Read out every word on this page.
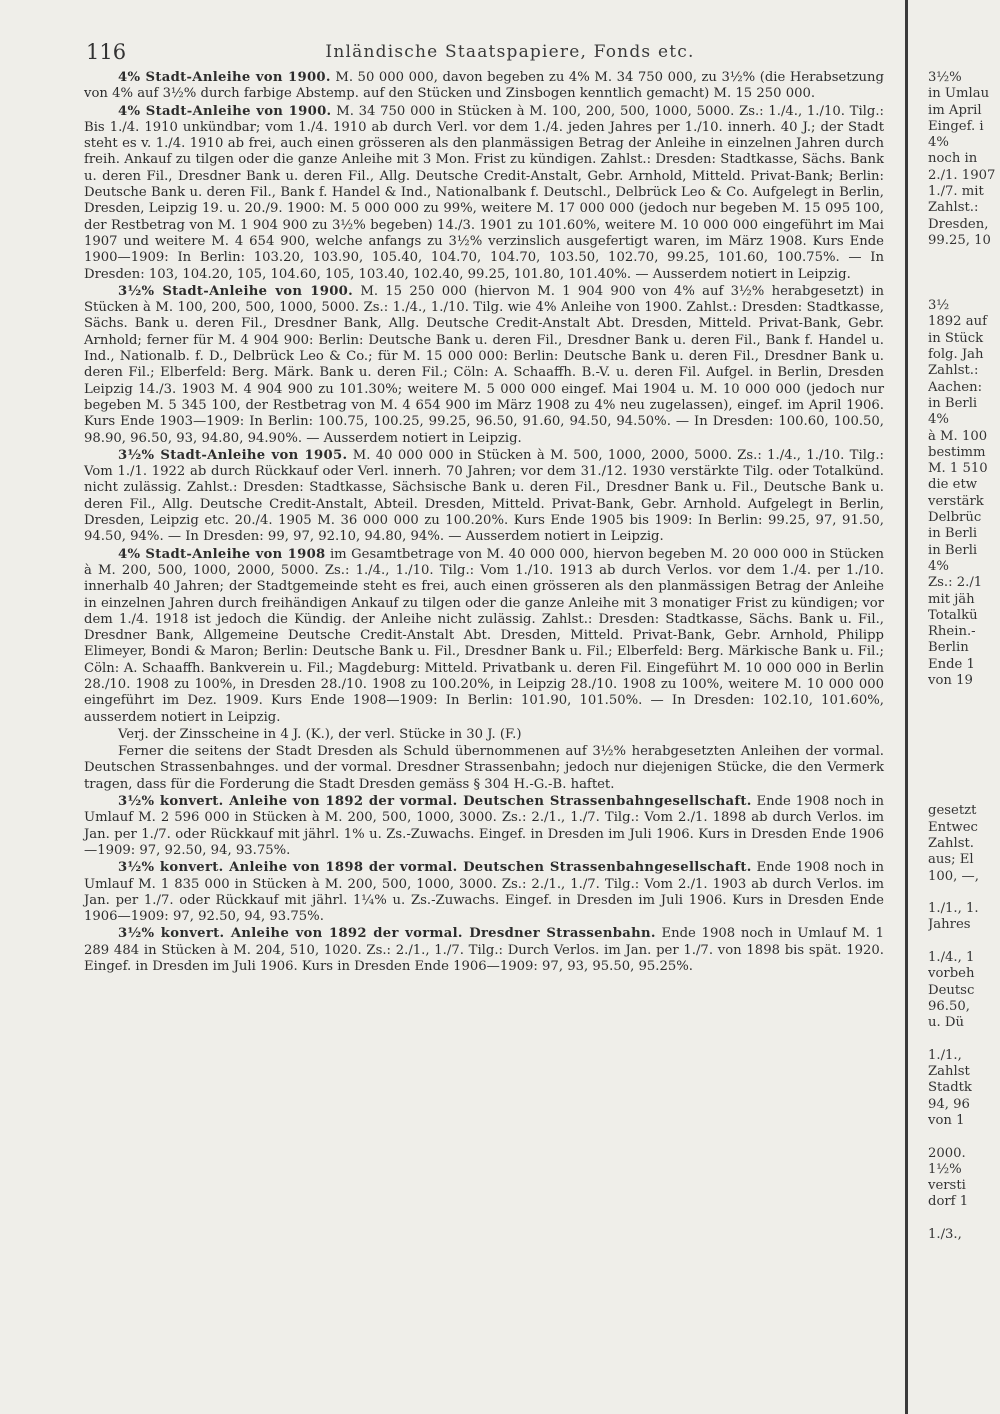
116	Inländische Staatspapiere, Fonds etc.

4% Stadt-Anleihe von 1900. M. 50 000 000, davon begeben zu 4% M. 34 750 000, zu 3½% (die Herabsetzung von 4% auf 3½% durch farbige Abstemp. auf den Stücken und Zinsbogen kenntlich gemacht) M. 15 250 000.

4% Stadt-Anleihe von 1900. M. 34 750 000 in Stücken à M. 100, 200, 500, 1000, 5000. Zs.: 1./4., 1./10. Tilg.: Bis 1./4. 1910 unkündbar; vom 1./4. 1910 ab durch Verl. vor dem 1./4. jeden Jahres per 1./10. innerh. 40 J.; der Stadt steht es v. 1./4. 1910 ab frei, auch einen grösseren als den planmässigen Betrag der Anleihe in einzelnen Jahren durch freih. Ankauf zu tilgen oder die ganze Anleihe mit 3 Mon. Frist zu kündigen. Zahlst.: Dresden: Stadtkasse, Sächs. Bank u. deren Fil., Dresdner Bank u. deren Fil., Allg. Deutsche Credit-Anstalt, Gebr. Arnhold, Mitteld. Privat-Bank; Berlin: Deutsche Bank u. deren Fil., Bank f. Handel & Ind., Nationalbank f. Deutschl., Delbrück Leo & Co. Aufgelegt in Berlin, Dresden, Leipzig 19. u. 20./9. 1900: M. 5 000 000 zu 99%, weitere M. 17 000 000 (jedoch nur begeben M. 15 095 100, der Restbetrag von M. 1 904 900 zu 3½% begeben) 14./3. 1901 zu 101.60%, weitere M. 10 000 000 eingeführt im Mai 1907 und weitere M. 4 654 900, welche anfangs zu 3½% verzinslich ausgefertigt waren, im März 1908. Kurs Ende 1900—1909: In Berlin: 103.20, 103.90, 105.40, 104.70, 104.70, 103.50, 102.70, 99.25, 101.60, 100.75%. — In Dresden: 103, 104.20, 105, 104.60, 105, 103.40, 102.40, 99.25, 101.80, 101.40%. — Ausserdem notiert in Leipzig.

3½% Stadt-Anleihe von 1900. M. 15 250 000 (hiervon M. 1 904 900 von 4% auf 3½% herabgesetzt) in Stücken à M. 100, 200, 500, 1000, 5000. Zs.: 1./4., 1./10. Tilg. wie 4% Anleihe von 1900. Zahlst.: Dresden: Stadtkasse, Sächs. Bank u. deren Fil., Dresdner Bank, Allg. Deutsche Credit-Anstalt Abt. Dresden, Mitteld. Privat-Bank, Gebr. Arnhold; ferner für M. 4 904 900: Berlin: Deutsche Bank u. deren Fil., Dresdner Bank u. deren Fil., Bank f. Handel u. Ind., Nationalb. f. D., Delbrück Leo & Co.; für M. 15 000 000: Berlin: Deutsche Bank u. deren Fil., Dresdner Bank u. deren Fil.; Elberfeld: Berg. Märk. Bank u. deren Fil.; Cöln: A. Schaaffh. B.-V. u. deren Fil. Aufgel. in Berlin, Dresden Leipzig 14./3. 1903 M. 4 904 900 zu 101.30%; weitere M. 5 000 000 eingef. Mai 1904 u. M. 10 000 000 (jedoch nur begeben M. 5 345 100, der Restbetrag von M. 4 654 900 im März 1908 zu 4% neu zugelassen), eingef. im April 1906. Kurs Ende 1903—1909: In Berlin: 100.75, 100.25, 99.25, 96.50, 91.60, 94.50, 94.50%. — In Dresden: 100.60, 100.50, 98.90, 96.50, 93, 94.80, 94.90%. — Ausserdem notiert in Leipzig.

3½% Stadt-Anleihe von 1905. M. 40 000 000 in Stücken à M. 500, 1000, 2000, 5000. Zs.: 1./4., 1./10. Tilg.: Vom 1./1. 1922 ab durch Rückkauf oder Verl. innerh. 70 Jahren; vor dem 31./12. 1930 verstärkte Tilg. oder Totalkünd. nicht zulässig. Zahlst.: Dresden: Stadtkasse, Sächsische Bank u. deren Fil., Dresdner Bank u. Fil., Deutsche Bank u. deren Fil., Allg. Deutsche Credit-Anstalt, Abteil. Dresden, Mitteld. Privat-Bank, Gebr. Arnhold. Aufgelegt in Berlin, Dresden, Leipzig etc. 20./4. 1905 M. 36 000 000 zu 100.20%. Kurs Ende 1905 bis 1909: In Berlin: 99.25, 97, 91.50, 94.50, 94%. — In Dresden: 99, 97, 92.10, 94.80, 94%. — Ausserdem notiert in Leipzig.

4% Stadt-Anleihe von 1908 im Gesamtbetrage von M. 40 000 000, hiervon begeben M. 20 000 000 in Stücken à M. 200, 500, 1000, 2000, 5000. Zs.: 1./4., 1./10. Tilg.: Vom 1./10. 1913 ab durch Verlos. vor dem 1./4. per 1./10. innerhalb 40 Jahren; der Stadtgemeinde steht es frei, auch einen grösseren als den planmässigen Betrag der Anleihe in einzelnen Jahren durch freihändigen Ankauf zu tilgen oder die ganze Anleihe mit 3 monatiger Frist zu kündigen; vor dem 1./4. 1918 ist jedoch die Kündig. der Anleihe nicht zulässig. Zahlst.: Dresden: Stadtkasse, Sächs. Bank u. Fil., Dresdner Bank, Allgemeine Deutsche Credit-Anstalt Abt. Dresden, Mitteld. Privat-Bank, Gebr. Arnhold, Philipp Elimeyer, Bondi & Maron; Berlin: Deutsche Bank u. Fil., Dresdner Bank u. Fil.; Elberfeld: Berg. Märkische Bank u. Fil.; Cöln: A. Schaaffh. Bankverein u. Fil.; Magdeburg: Mitteld. Privatbank u. deren Fil. Eingeführt M. 10 000 000 in Berlin 28./10. 1908 zu 100%, in Dresden 28./10. 1908 zu 100.20%, in Leipzig 28./10. 1908 zu 100%, weitere M. 10 000 000 eingeführt im Dez. 1909. Kurs Ende 1908—1909: In Berlin: 101.90, 101.50%. — In Dresden: 102.10, 101.60%, ausserdem notiert in Leipzig.

Verj. der Zinsscheine in 4 J. (K.), der verl. Stücke in 30 J. (F.)

Ferner die seitens der Stadt Dresden als Schuld übernommenen auf 3½% herabgesetzten Anleihen der vormal. Deutschen Strassenbahnges. und der vormal. Dresdner Strassenbahn; jedoch nur diejenigen Stücke, die den Vermerk tragen, dass für die Forderung die Stadt Dresden gemäss § 304 H.-G.-B. haftet.

3½% konvert. Anleihe von 1892 der vormal. Deutschen Strassenbahngesellschaft. Ende 1908 noch in Umlauf M. 2 596 000 in Stücken à M. 200, 500, 1000, 3000. Zs.: 2./1., 1./7. Tilg.: Vom 2./1. 1898 ab durch Verlos. im Jan. per 1./7. oder Rückkauf mit jährl. 1% u. Zs.-Zuwachs. Eingef. in Dresden im Juli 1906. Kurs in Dresden Ende 1906—1909: 97, 92.50, 94, 93.75%.

3½% konvert. Anleihe von 1898 der vormal. Deutschen Strassenbahngesellschaft. Ende 1908 noch in Umlauf M. 1 835 000 in Stücken à M. 200, 500, 1000, 3000. Zs.: 2./1., 1./7. Tilg.: Vom 2./1. 1903 ab durch Verlos. im Jan. per 1./7. oder Rückkauf mit jährl. 1¼% u. Zs.-Zuwachs. Eingef. in Dresden im Juli 1906. Kurs in Dresden Ende 1906—1909: 97, 92.50, 94, 93.75%.

3½% konvert. Anleihe von 1892 der vormal. Dresdner Strassenbahn. Ende 1908 noch in Umlauf M. 1 289 484 in Stücken à M. 204, 510, 1020. Zs.: 2./1., 1./7. Tilg.: Durch Verlos. im Jan. per 1./7. von 1898 bis spät. 1920. Eingef. in Dresden im Juli 1906. Kurs in Dresden Ende 1906—1909: 97, 93, 95.50, 95.25%.

3½%
in Umlau
im April
Eingef. i
4%
noch in
2./1. 1907
1./7. mit
Zahlst.:
Dresden,
99.25, 10
3½
1892 auf
in Stück
folg. Jah
Zahlst.:
Aachen:
in Berli
4%
à M. 100
bestimm
M. 1 510
die etw
verstärk
Delbrüc
in Berli
in Berli
4%
Zs.: 2./1
mit jäh
Totalkü
Rhein.-
Berlin
Ende 1
von 19
gesetzt
Entwec
Zahlst.
aus; El
100, —,
1./1., 1.
Jahres
1./4., 1
vorbeh
Deutsc
96.50,
u. Dü
1./1.,
Zahlst
Stadtk
94, 96
von 1
2000.
1½%
versti
dorf 1
1./3.,
